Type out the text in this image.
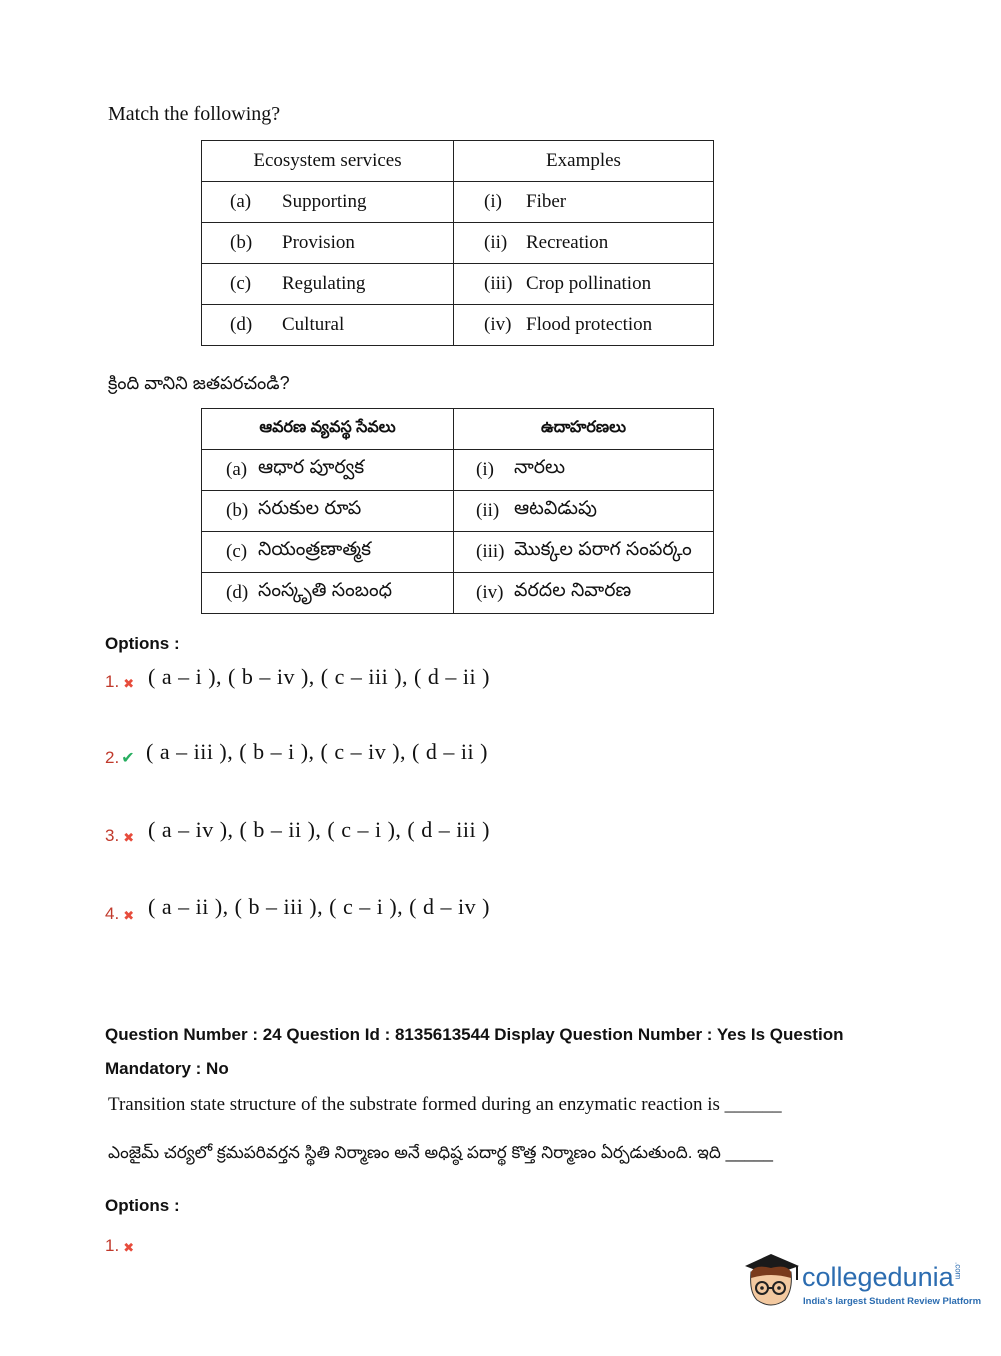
Match the following?
Ecosystem services	Examples

(a) Supporting	(i) Fiber

(b) Provision	(ii) Recreation

(c) Regulating	(iii) Crop pollination

(d) Cultural	(iv) Flood protection
క్రింది వానిని జతపరచండి?
ఆవరణ వ్యవస్థ సేవలు	ఉదాహరణలు

(a) ఆధార పూర్వక	(i) నారలు

(b) సరుకుల రూప	(ii) ఆటవిడుపు

(c) నియంత్రణాత్మక	(iii) మొక్కల పరాగ సంపర్కం

(d) సంస్కృతి సంబంధ	(iv) వరదల నివారణ
Options :
1. ✖ ( a – i ), ( b – iv ), ( c – iii ), ( d – ii )
2. ✔ ( a – iii ), ( b – i ), ( c – iv ), ( d – ii )
3. ✖ ( a – iv ), ( b – ii ), ( c – i ), ( d – iii )
4. ✖ ( a – ii ), ( b – iii ), ( c – i ), ( d – iv )
Question Number : 24 Question Id : 8135613544 Display Question Number : Yes Is Question
Mandatory : No
Transition state structure of the substrate formed during an enzymatic reaction is ______
ఎంజైమ్ చర్యలో క్రమపరివర్తన స్థితి నిర్మాణం అనే అధిష్ఠ పదార్థ కొత్త నిర్మాణం ఏర్పడుతుంది. ఇది _____
Options :
1. ✖
collegedunia.com
India's largest Student Review Platform
